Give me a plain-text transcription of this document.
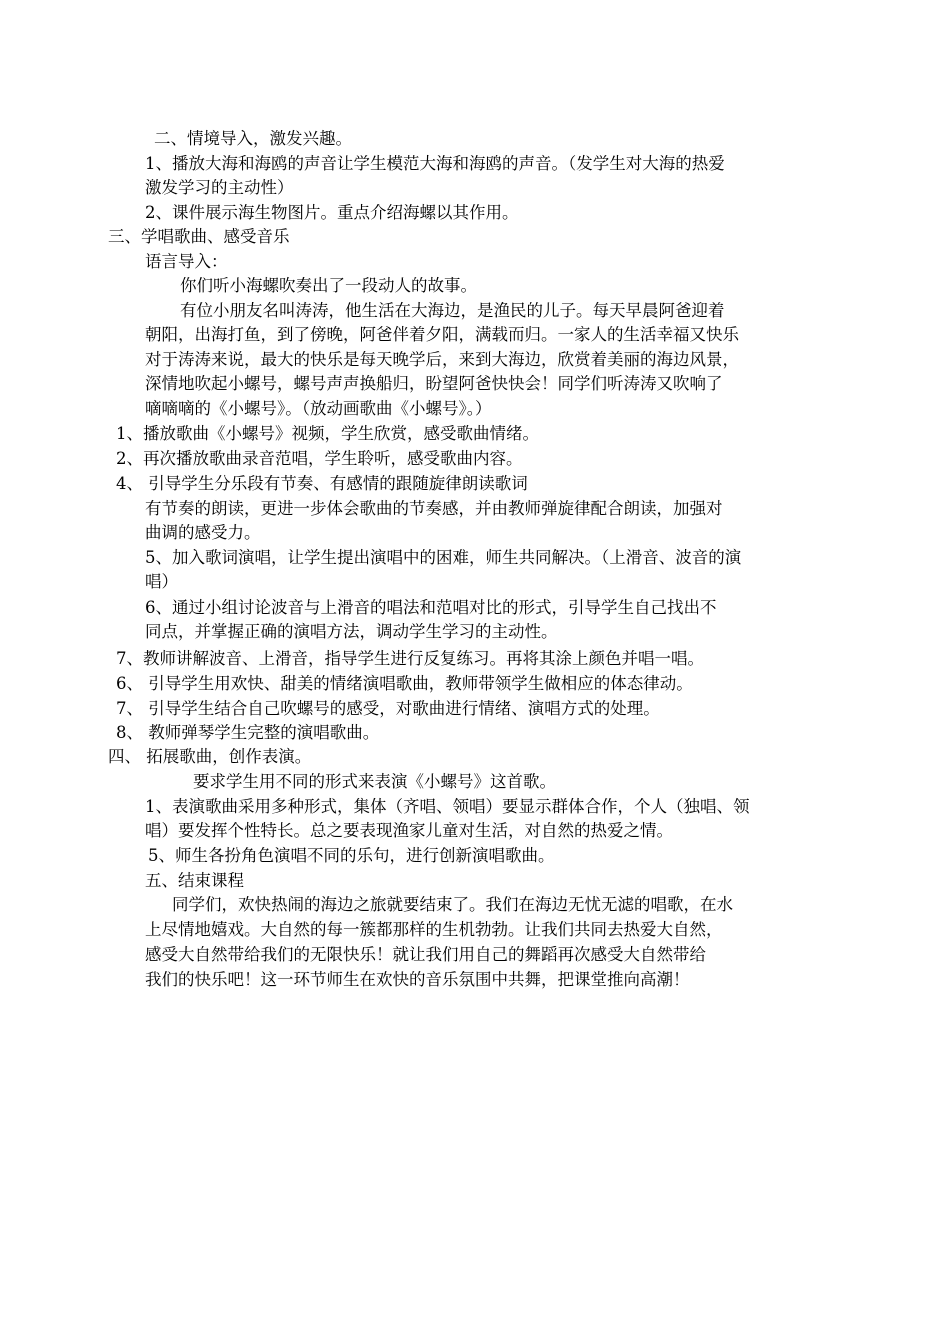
二、情境导入，激发兴趣。
1、播放大海和海鸥的声音让学生模范大海和海鸥的声音。（发学生对大海的热爱
激发学习的主动性）
2、课件展示海生物图片。重点介绍海螺以其作用。
三、学唱歌曲、感受音乐
语言导入：
你们听小海螺吹奏出了一段动人的故事。
有位小朋友名叫涛涛，他生活在大海边，是渔民的儿子。每天早晨阿爸迎着
朝阳，出海打鱼，到了傍晚，阿爸伴着夕阳，满载而归。一家人的生活幸福又快乐
对于涛涛来说，最大的快乐是每天晚学后，来到大海边，欣赏着美丽的海边风景，
深情地吹起小螺号，螺号声声换船归，盼望阿爸快快会！同学们听涛涛又吹响了
嘀嘀嘀的《小螺号》。（放动画歌曲《小螺号》。）
1、播放歌曲《小螺号》视频，学生欣赏，感受歌曲情绪。
2、再次播放歌曲录音范唱，学生聆听，感受歌曲内容。
4、 引导学生分乐段有节奏、有感情的跟随旋律朗读歌词
有节奏的朗读，更进一步体会歌曲的节奏感，并由教师弹旋律配合朗读，加强对
曲调的感受力。
5、加入歌词演唱，让学生提出演唱中的困难，师生共同解决。（上滑音、波音的演
唱）
6、通过小组讨论波音与上滑音的唱法和范唱对比的形式，引导学生自己找出不
同点，并掌握正确的演唱方法，调动学生学习的主动性。
7、教师讲解波音、上滑音，指导学生进行反复练习。再将其涂上颜色并唱一唱。
6、 引导学生用欢快、甜美的情绪演唱歌曲，教师带领学生做相应的体态律动。
7、 引导学生结合自己吹螺号的感受，对歌曲进行情绪、演唱方式的处理。
8、 教师弹琴学生完整的演唱歌曲。
四、 拓展歌曲，创作表演。
要求学生用不同的形式来表演《小螺号》这首歌。
1、表演歌曲采用多种形式，集体（齐唱、领唱）要显示群体合作，个人（独唱、领
唱）要发挥个性特长。总之要表现渔家儿童对生活，对自然的热爱之情。
5、师生各扮角色演唱不同的乐句，进行创新演唱歌曲。
五、结束课程
同学们，欢快热闹的海边之旅就要结束了。我们在海边无忧无滤的唱歌，在水
上尽情地嬉戏。大自然的每一簇都那样的生机勃勃。让我们共同去热爱大自然，
感受大自然带给我们的无限快乐！就让我们用自己的舞蹈再次感受大自然带给
我们的快乐吧！这一环节师生在欢快的音乐氛围中共舞，把课堂推向高潮！
